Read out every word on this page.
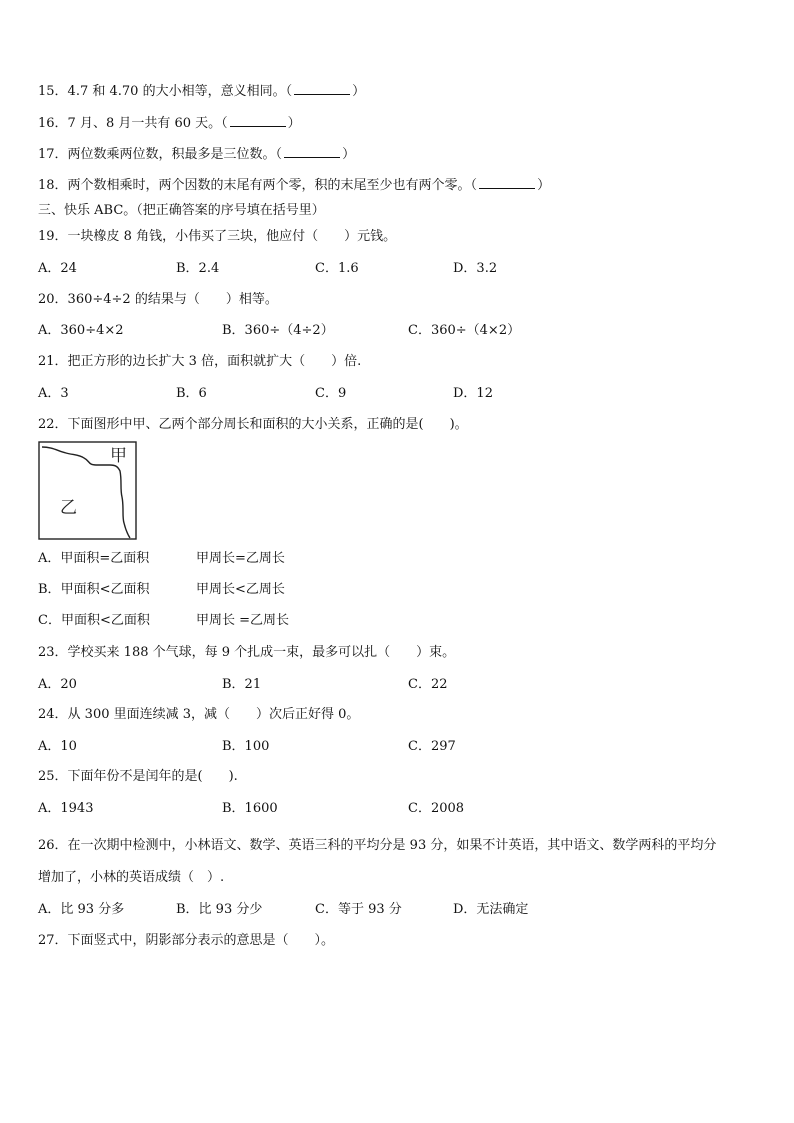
15．4.7 和 4.70 的大小相等，意义相同。（	）
16．7 月、8 月一共有 60 天。（	）
17．两位数乘两位数，积最多是三位数。（	）
18．两个数相乘时，两个因数的末尾有两个零，积的末尾至少也有两个零。（	）
三、快乐 ABC。（把正确答案的序号填在括号里）
19．一块橡皮 8 角钱，小伟买了三块，他应付（　　）元钱。
A．24	B．2.4	C．1.6	D．3.2
20．360÷4÷2 的结果与（　　）相等。
A．360÷4×2	B．360÷（4÷2）	C．360÷（4×2）
21．把正方形的边长扩大 3 倍，面积就扩大（　　）倍.
A．3	B．6	C．9	D．12
22．下面图形中甲、乙两个部分周长和面积的大小关系，正确的是(　　)。
甲
乙
A．甲面积=乙面积	甲周长=乙周长
B．甲面积<乙面积	甲周长<乙周长
C．甲面积<乙面积	甲周长 =乙周长
23．学校买来 188 个气球，每 9 个扎成一束，最多可以扎（　　）束。
A．20	B．21	C．22
24．从 300 里面连续减 3，减（　　）次后正好得 0。
A．10	B．100	C．297
25．下面年份不是闰年的是(　　).
A．1943	B．1600	C．2008
26．在一次期中检测中，小林语文、数学、英语三科的平均分是 93 分，如果不计英语，其中语文、数学两科的平均分
增加了，小林的英语成绩（　）.
A．比 93 分多	B．比 93 分少	C．等于 93 分	D．无法确定
27．下面竖式中，阴影部分表示的意思是（　　）。
